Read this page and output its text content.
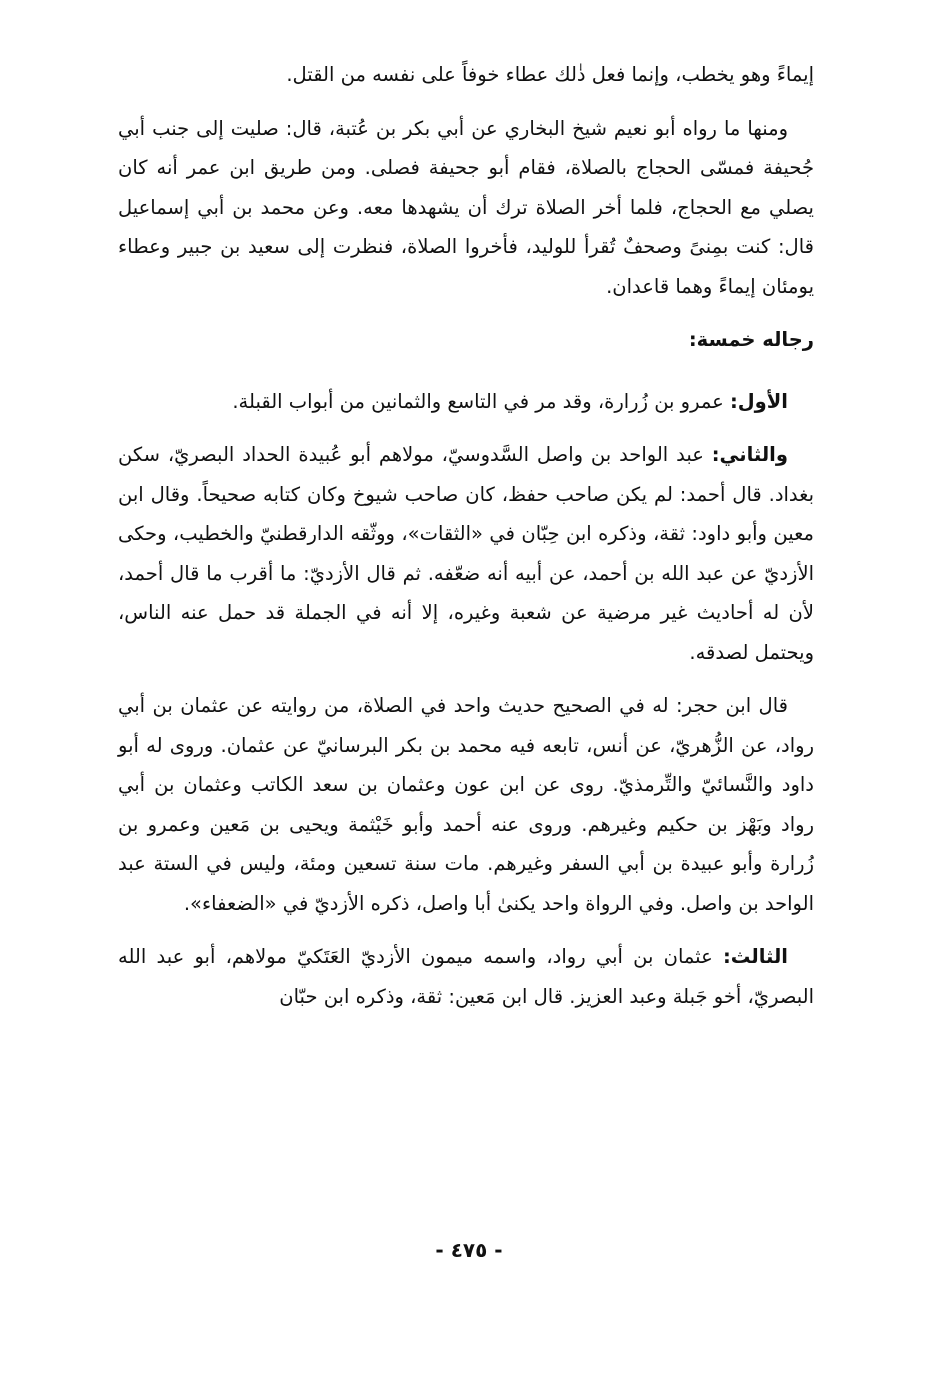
إيماءً وهو يخطب، وإنما فعل ذٰلك عطاء خوفاً على نفسه من القتل.

ومنها ما رواه أبو نعيم شيخ البخاري عن أبي بكر بن عُتبة، قال: صليت إلى جنب أبي جُحيفة فمسّى الحجاج بالصلاة، فقام أبو جحيفة فصلى. ومن طريق ابن عمر أنه كان يصلي مع الحجاج، فلما أخر الصلاة ترك أن يشهدها معه. وعن محمد بن أبي إسماعيل قال: كنت بمِنىً وصحفٌ تُقرأ للوليد، فأخروا الصلاة، فنظرت إلى سعيد بن جبير وعطاء يومئان إيماءً وهما قاعدان.

رجاله خمسة:

الأول: عمرو بن زُرارة، وقد مر في التاسع والثمانين من أبواب القبلة.

والثاني: عبد الواحد بن واصل السَّدوسيّ، مولاهم أبو عُبيدة الحداد البصريّ، سكن بغداد. قال أحمد: لم يكن صاحب حفظ، كان صاحب شيوخ وكان كتابه صحيحاً. وقال ابن معين وأبو داود: ثقة، وذكره ابن حِبّان في «الثقات»، ووثّقه الدارقطنيّ والخطيب، وحكى الأزديّ عن عبد الله بن أحمد، عن أبيه أنه ضعّفه. ثم قال الأزديّ: ما أقرب ما قال أحمد، لأن له أحاديث غير مرضية عن شعبة وغيره، إلا أنه في الجملة قد حمل عنه الناس، ويحتمل لصدقه.

قال ابن حجر: له في الصحيح حديث واحد في الصلاة، من روايته عن عثمان بن أبي رواد، عن الزُّهريّ، عن أنس، تابعه فيه محمد بن بكر البرسانيّ عن عثمان. وروى له أبو داود والنَّسائيّ والتِّرمذيّ. روى عن ابن عون وعثمان بن سعد الكاتب وعثمان بن أبي رواد وبَهْز بن حكيم وغيرهم. وروى عنه أحمد وأبو خَيْثمة ويحيى بن مَعين وعمرو بن زُرارة وأبو عبيدة بن أبي السفر وغيرهم. مات سنة تسعين ومئة، وليس في الستة عبد الواحد بن واصل. وفي الرواة واحد يكنىٰ أبا واصل، ذكره الأزديّ في «الضعفاء».

الثالث: عثمان بن أبي رواد، واسمه ميمون الأزديّ العَتَكيّ مولاهم، أبو عبد الله البصريّ، أخو جَبلة وعبد العزيز. قال ابن مَعين: ثقة، وذكره ابن حبّان

- ٤٧٥ -
